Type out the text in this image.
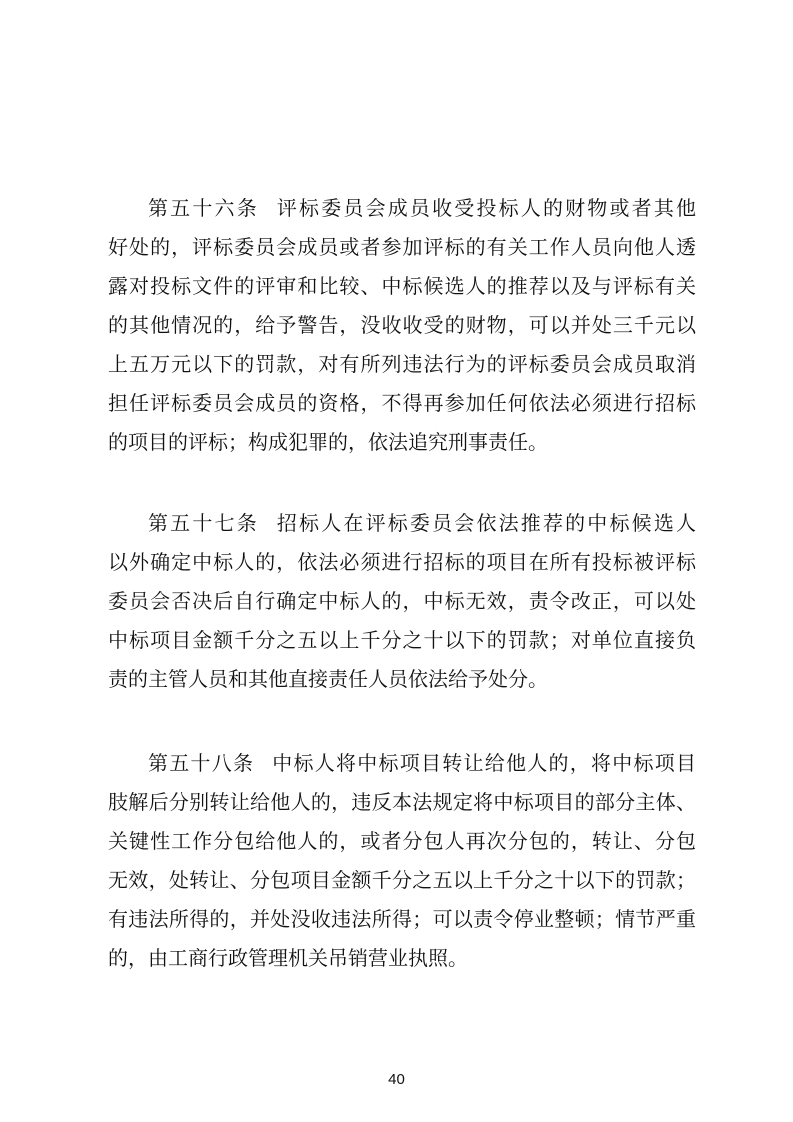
第五十六条 评标委员会成员收受投标人的财物或者其他
好处的，评标委员会成员或者参加评标的有关工作人员向他人透
露对投标文件的评审和比较、中标候选人的推荐以及与评标有关
的其他情况的，给予警告，没收收受的财物，可以并处三千元以
上五万元以下的罚款，对有所列违法行为的评标委员会成员取消
担任评标委员会成员的资格，不得再参加任何依法必须进行招标
的项目的评标；构成犯罪的，依法追究刑事责任。
第五十七条 招标人在评标委员会依法推荐的中标候选人
以外确定中标人的，依法必须进行招标的项目在所有投标被评标
委员会否决后自行确定中标人的，中标无效，责令改正，可以处
中标项目金额千分之五以上千分之十以下的罚款；对单位直接负
责的主管人员和其他直接责任人员依法给予处分。
第五十八条 中标人将中标项目转让给他人的，将中标项目
肢解后分别转让给他人的，违反本法规定将中标项目的部分主体、
关键性工作分包给他人的，或者分包人再次分包的，转让、分包
无效，处转让、分包项目金额千分之五以上千分之十以下的罚款；
有违法所得的，并处没收违法所得；可以责令停业整顿；情节严重
的，由工商行政管理机关吊销营业执照。
40
